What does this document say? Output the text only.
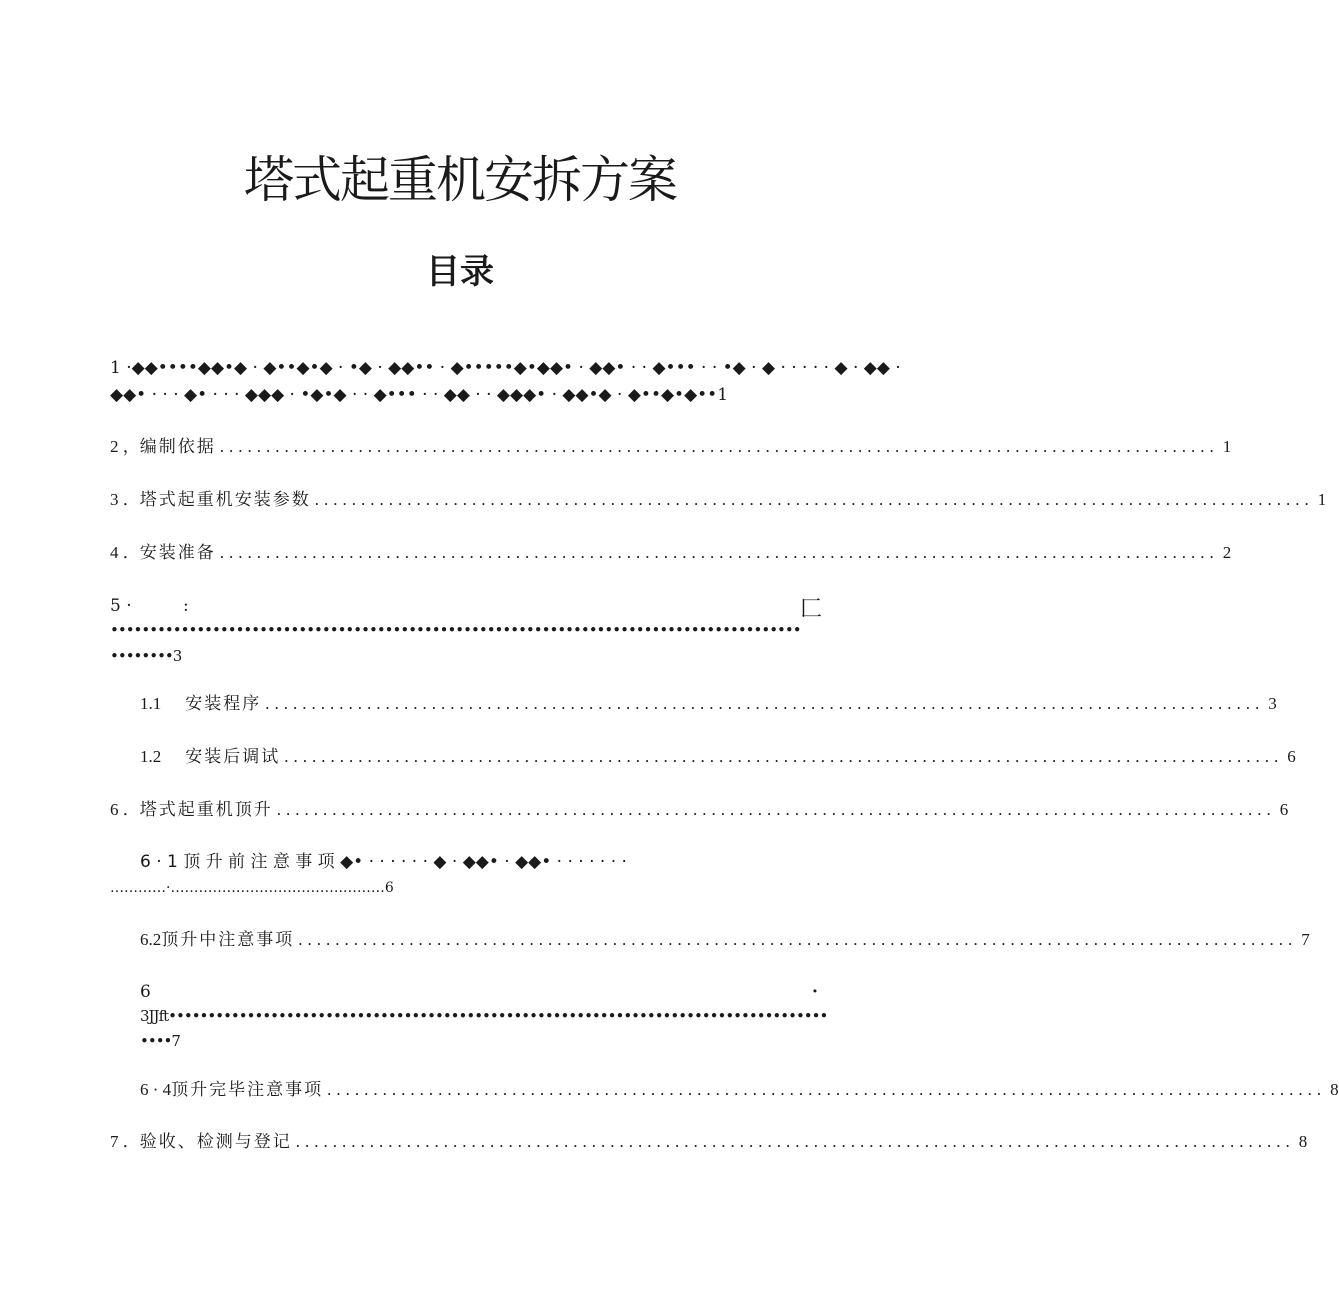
塔式起重机安拆方案
目录
1 ·◆◆••••◆◆•◆ · ◆••◆•◆ · •◆ · ◆◆•• · ◆•••••◆•◆◆• · ◆◆• · · ◆••• · · •◆ · ◆ · · · · · ◆ · ◆◆ ·
◆◆• · · · ◆• · · · ◆◆◆ · •◆•◆ · · ◆••• · · ◆◆ · · ◆◆◆• · ◆◆•◆ · ◆••◆•◆••1
2 ， 编制依据 ............................................................................................................ 1
3 ． 塔式起重机安装参数 ............................................................................................................ 1
4 ． 安装准备 ............................................................................................................ 2
5 ·	:	匚
••••••••••••••••••••••••••••••••••••••••••••••••••••••••••••••••••••••••••••••••••••••••
••••••••3
1.1 安装程序 ............................................................................................................ 3
1.2 安装后调试 ............................................................................................................ 6
6 ． 塔式起重机顶升 ............................................................................................................ 6
6 · 1 顶 升 前 注 意 事 项 ◆• · · · · · · ◆ · ◆◆• · ◆◆• · · · · · · ·
…………·……………………………….………6
6.2 顶升中注意事项 ............................................................................................................ 7
6	·
3JJft••••••••••••••••••••••••••••••••••••••••••••••••••••••••••••••••••••••••••••••••••••
••••7
6 · 4 顶升完毕注意事项 ............................................................................................................ 8
7 ． 验收、检测与登记 ............................................................................................................ 8
